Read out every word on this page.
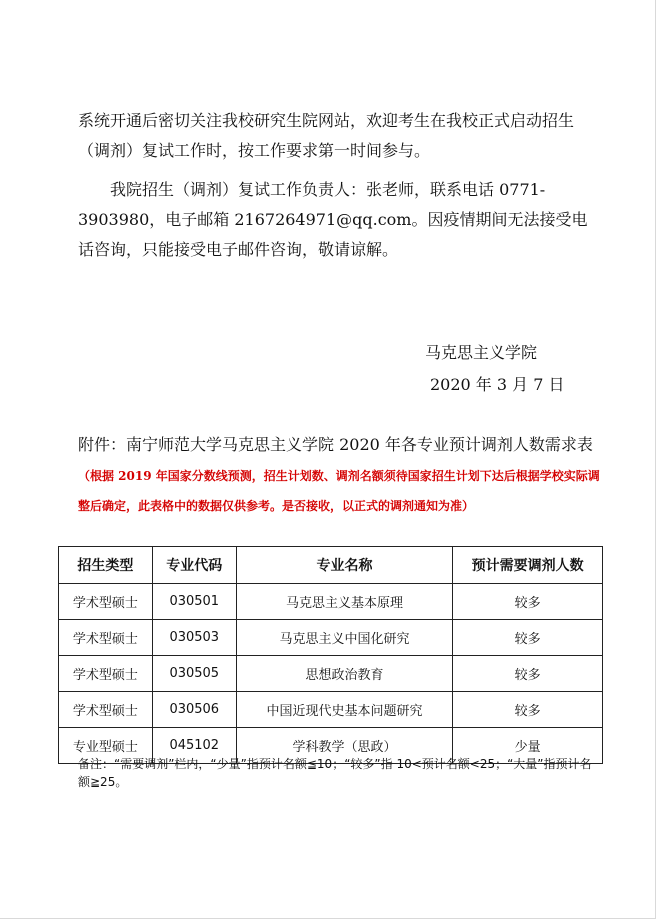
系统开通后密切关注我校研究生院网站，欢迎考生在我校正式启动招生（调剂）复试工作时，按工作要求第一时间参与。

我院招生（调剂）复试工作负责人：张老师，联系电话 0771-3903980，电子邮箱 2167264971@qq.com。因疫情期间无法接受电话咨询，只能接受电子邮件咨询，敬请谅解。

马克思主义学院

2020 年 3 月 7 日

附件：南宁师范大学马克思主义学院 2020 年各专业预计调剂人数需求表（根据 2019 年国家分数线预测，招生计划数、调剂名额须待国家招生计划下达后根据学校实际调整后确定，此表格中的数据仅供参考。是否接收，以正式的调剂通知为准）

招生类型	专业代码	专业名称	预计需要调剂人数
学术型硕士	030501	马克思主义基本原理	较多
学术型硕士	030503	马克思主义中国化研究	较多
学术型硕士	030505	思想政治教育	较多
学术型硕士	030506	中国近现代史基本问题研究	较多
专业型硕士	045102	学科教学（思政）	少量

备注：“需要调剂”栏内，“少量”指预计名额≦10；“较多”指 10<预计名额<25；“大量”指预计名额≧25。
